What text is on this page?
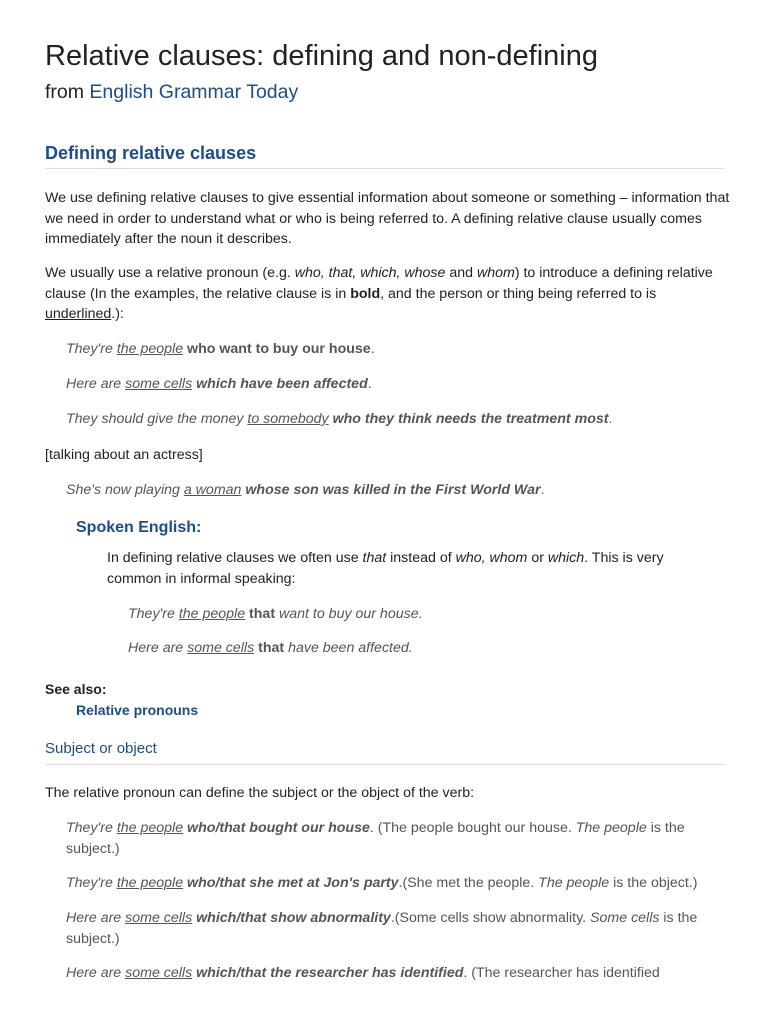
Relative clauses: defining and non-defining
from English Grammar Today
Defining relative clauses
We use defining relative clauses to give essential information about someone or something – information that we need in order to understand what or who is being referred to. A defining relative clause usually comes immediately after the noun it describes.
We usually use a relative pronoun (e.g. who, that, which, whose and whom) to introduce a defining relative clause (In the examples, the relative clause is in bold, and the person or thing being referred to is underlined.):
They're the people who want to buy our house.
Here are some cells which have been affected.
They should give the money to somebody who they think needs the treatment most.
[talking about an actress]
She's now playing a woman whose son was killed in the First World War.
Spoken English:
In defining relative clauses we often use that instead of who, whom or which. This is very common in informal speaking:
They're the people that want to buy our house.
Here are some cells that have been affected.
See also:
Relative pronouns
Subject or object
The relative pronoun can define the subject or the object of the verb:
They're the people who/that bought our house. (The people bought our house. The people is the subject.)
They're the people who/that she met at Jon's party.(She met the people. The people is the object.)
Here are some cells which/that show abnormality.(Some cells show abnormality. Some cells is the subject.)
Here are some cells which/that the researcher has identified. (The researcher has identified
